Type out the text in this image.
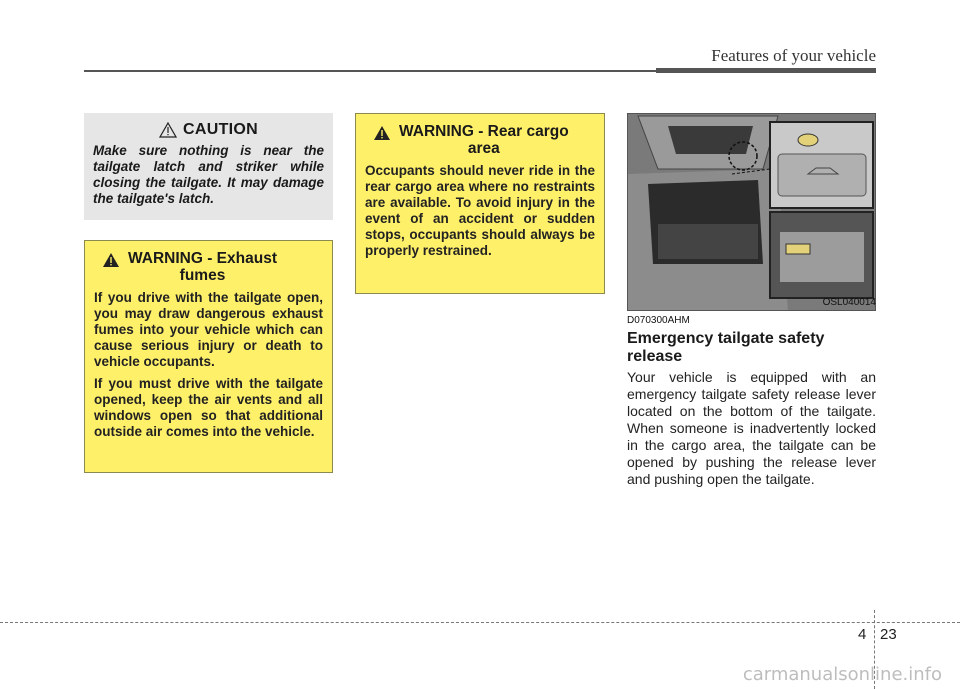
Features of your vehicle
CAUTION
Make sure nothing is near the tailgate latch and striker while closing the tailgate. It may damage the tailgate's latch.
WARNING - Exhaust
fumes

If you drive with the tailgate open, you may draw dangerous exhaust fumes into your vehicle which can cause serious injury or death to vehicle occupants.

If you must drive with the tailgate opened, keep the air vents and all windows open so that additional outside air comes into the vehicle.

WARNING - Rear cargo
area

Occupants should never ride in the rear cargo area where no restraints are available. To avoid injury in the event of an accident or sudden stops, occupants should always be properly restrained.

OSL040014
D070300AHM
Emergency tailgate safety release
Your vehicle is equipped with an emergency tailgate safety release lever located on the bottom of the tailgate. When someone is inadvertently locked in the cargo area, the tailgate can be opened by pushing the release lever and pushing open the tailgate.
4 23
carmanualsonline.info
